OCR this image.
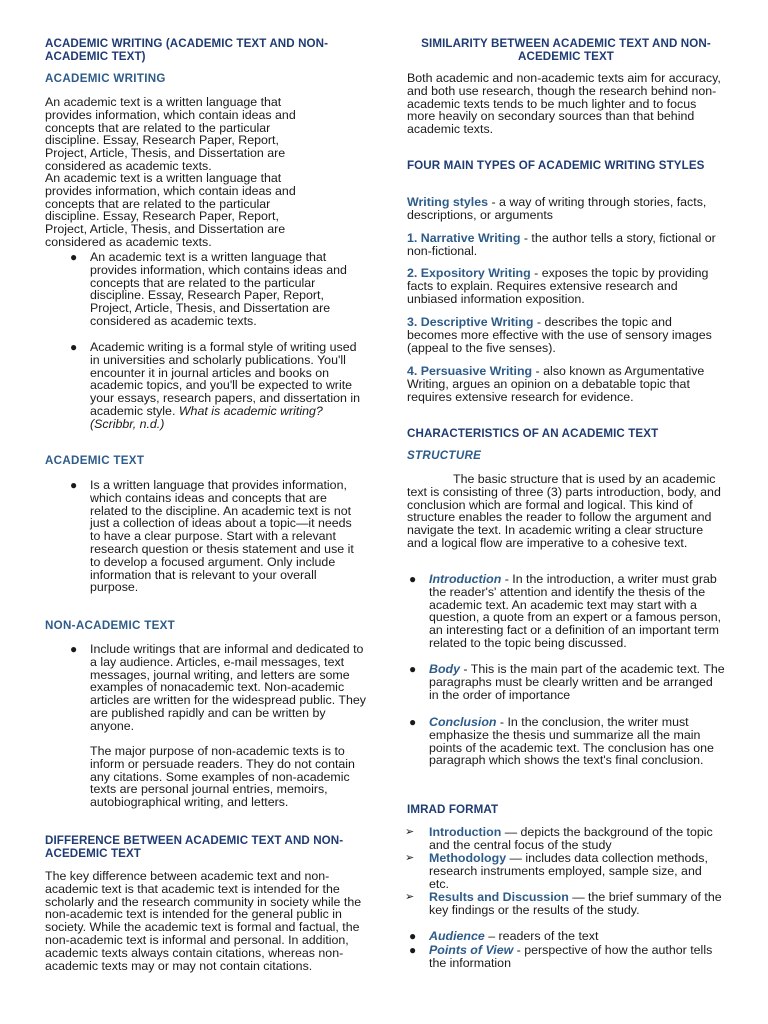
ACADEMIC WRITING (ACADEMIC TEXT AND NON-ACADEMIC TEXT)
ACADEMIC WRITING

An academic text is a written language that provides information, which contain ideas and concepts that are related to the particular discipline. Essay, Research Paper, Report, Project, Article, Thesis, and Dissertation are considered as academic texts.

An academic text is a written language that provides information, which contain ideas and concepts that are related to the particular discipline. Essay, Research Paper, Report, Project, Article, Thesis, and Dissertation are considered as academic texts.

● An academic text is a written language that provides information, which contains ideas and concepts that are related to the particular discipline. Essay, Research Paper, Report, Project, Article, Thesis, and Dissertation are considered as academic texts.
● Academic writing is a formal style of writing used in universities and scholarly publications. You'll encounter it in journal articles and books on academic topics, and you'll be expected to write your essays, research papers, and dissertation in academic style. What is academic writing? (Scribbr, n.d.)
ACADEMIC TEXT
● Is a written language that provides information, which contains ideas and concepts that are related to the discipline. An academic text is not just a collection of ideas about a topic—it needs to have a clear purpose. Start with a relevant research question or thesis statement and use it to develop a focused argument. Only include information that is relevant to your overall purpose.
NON-ACADEMIC TEXT
● Include writings that are informal and dedicated to a lay audience. Articles, e-mail messages, text messages, journal writing, and letters are some examples of nonacademic text. Non-academic articles are written for the widespread public. They are published rapidly and can be written by anyone.

The major purpose of non-academic texts is to inform or persuade readers. They do not contain any citations. Some examples of non-academic texts are personal journal entries, memoirs, autobiographical writing, and letters.

DIFFERENCE BETWEEN ACADEMIC TEXT AND NON-ACEDEMIC TEXT

The key difference between academic text and non-academic text is that academic text is intended for the scholarly and the research community in society while the non-academic text is intended for the general public in society. While the academic text is formal and factual, the non-academic text is informal and personal. In addition, academic texts always contain citations, whereas non-academic texts may or may not contain citations.

SIMILARITY BETWEEN ACADEMIC TEXT AND NON-ACEDEMIC TEXT

Both academic and non-academic texts aim for accuracy, and both use research, though the research behind non-academic texts tends to be much lighter and to focus more heavily on secondary sources than that behind academic texts.

FOUR MAIN TYPES OF ACADEMIC WRITING STYLES

Writing styles - a way of writing through stories, facts, descriptions, or arguments

1. Narrative Writing - the author tells a story, fictional or non-fictional.

2. Expository Writing - exposes the topic by providing facts to explain. Requires extensive research and unbiased information exposition.

3. Descriptive Writing - describes the topic and becomes more effective with the use of sensory images (appeal to the five senses).

4. Persuasive Writing - also known as Argumentative Writing, argues an opinion on a debatable topic that requires extensive research for evidence.

CHARACTERISTICS OF AN ACADEMIC TEXT
STRUCTURE

The basic structure that is used by an academic text is consisting of three (3) parts introduction, body, and conclusion which are formal and logical. This kind of structure enables the reader to follow the argument and navigate the text. In academic writing a clear structure and a logical flow are imperative to a cohesive text.

● Introduction - In the introduction, a writer must grab the reader's' attention and identify the thesis of the academic text. An academic text may start with a question, a quote from an expert or a famous person, an interesting fact or a definition of an important term related to the topic being discussed.
● Body - This is the main part of the academic text. The paragraphs must be clearly written and be arranged in the order of importance
● Conclusion - In the conclusion, the writer must emphasize the thesis und summarize all the main points of the academic text. The conclusion has one paragraph which shows the text's final conclusion.
IMRAD FORMAT
➢ Introduction — depicts the background of the topic and the central focus of the study
➢ Methodology — includes data collection methods, research instruments employed, sample size, and etc.
➢ Results and Discussion — the brief summary of the key findings or the results of the study.
● Audience – readers of the text
● Points of View - perspective of how the author tells the information
